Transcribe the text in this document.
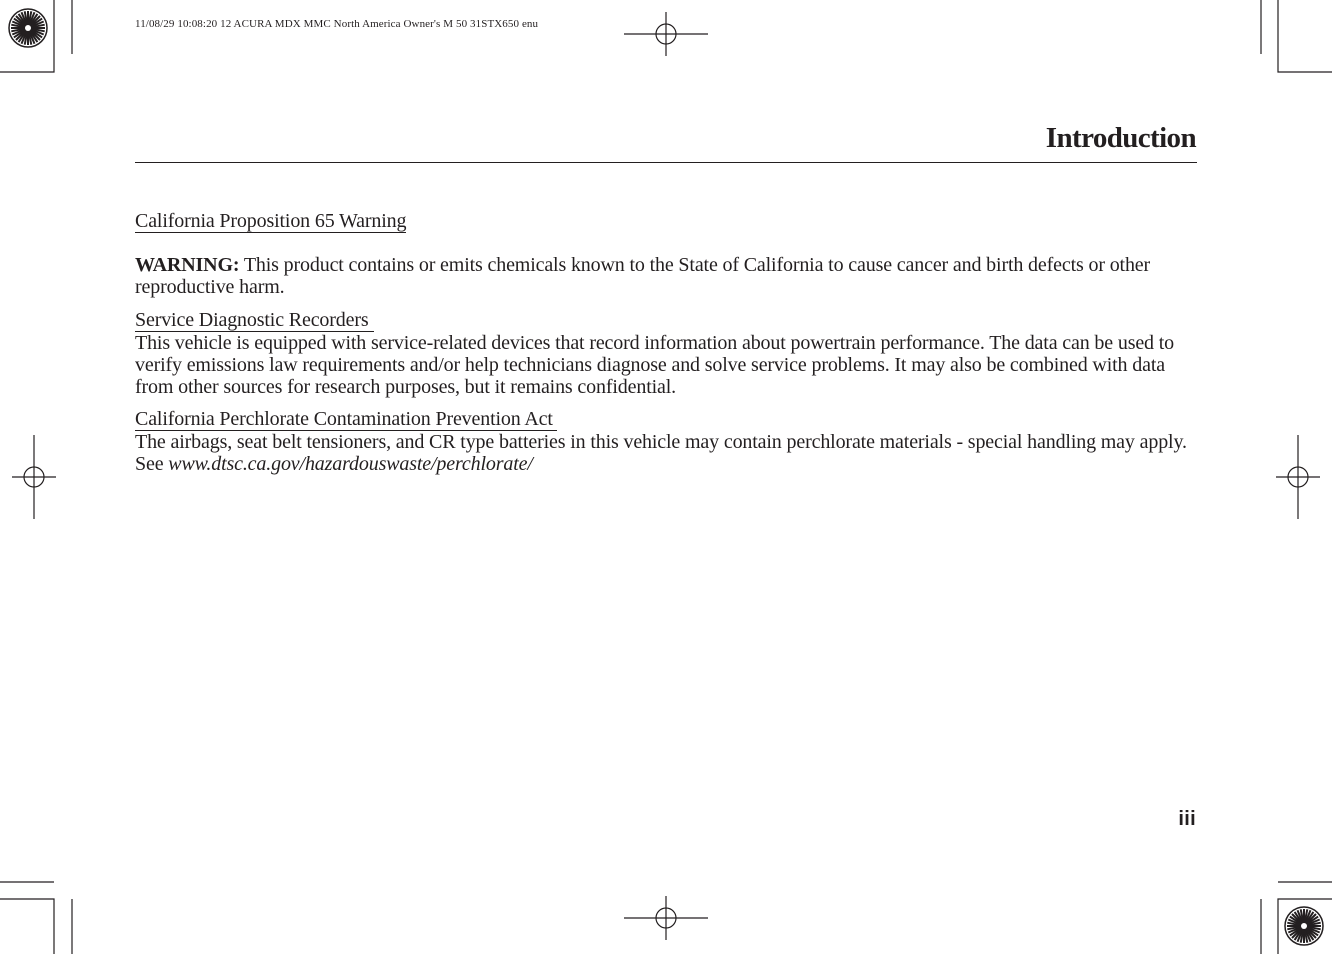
11/08/29 10:08:20 12 ACURA MDX MMC North America Owner's M 50 31STX650 enu
Introduction
California Proposition 65 Warning

WARNING: This product contains or emits chemicals known to the State of California to cause cancer and birth defects or other reproductive harm.

Service Diagnostic Recorders

This vehicle is equipped with service-related devices that record information about powertrain performance. The data can be used to verify emissions law requirements and/or help technicians diagnose and solve service problems. It may also be combined with data from other sources for research purposes, but it remains confidential.

California Perchlorate Contamination Prevention Act

The airbags, seat belt tensioners, and CR type batteries in this vehicle may contain perchlorate materials - special handling may apply. See www.dtsc.ca.gov/hazardouswaste/perchlorate/

iii
